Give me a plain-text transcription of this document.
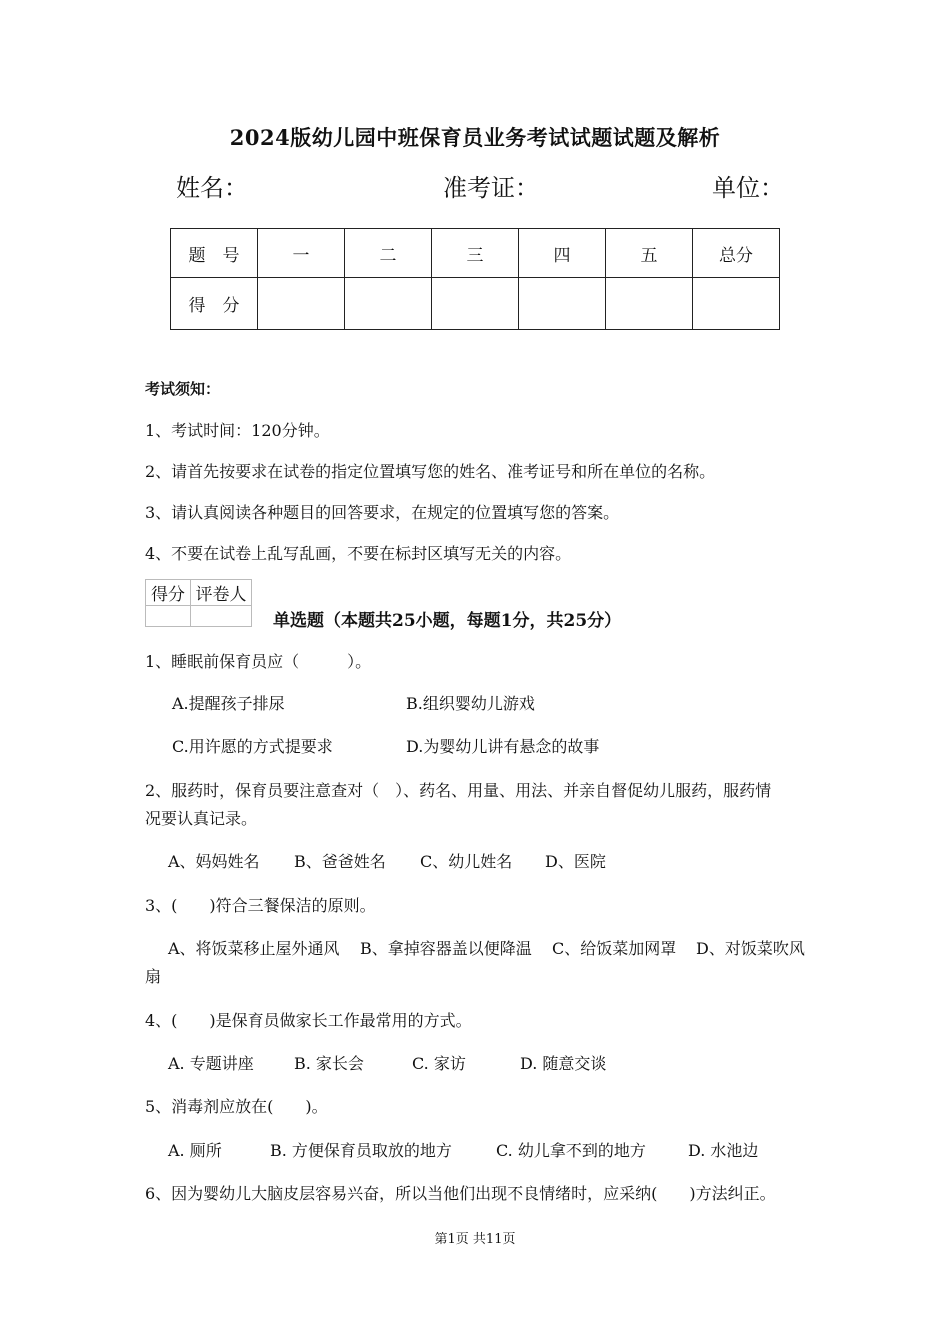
2024版幼儿园中班保育员业务考试试题试题及解析
姓名：	准考证：	单位：
题　号	一	二	三	四	五	总分
得　分						
考试须知：
1、考试时间：120分钟。
2、请首先按要求在试卷的指定位置填写您的姓名、准考证号和所在单位的名称。
3、请认真阅读各种题目的回答要求，在规定的位置填写您的答案。
4、不要在试卷上乱写乱画，不要在标封区填写无关的内容。
得分	评卷人

单选题（本题共25小题，每题1分，共25分）
1、睡眠前保育员应（　　　）。
A.提醒孩子排尿	B.组织婴幼儿游戏
C.用许愿的方式提要求	D.为婴幼儿讲有悬念的故事
2、服药时，保育员要注意查对（　）、药名、用量、用法、并亲自督促幼儿服药，服药情
况要认真记录。
A、妈妈姓名 B、爸爸姓名 C、幼儿姓名 D、医院
3、(　　)符合三餐保洁的原则。
A、将饭菜移止屋外通风 B、拿掉容器盖以便降温 C、给饭菜加网罩 D、对饭菜吹风
扇
4、(　　)是保育员做家长工作最常用的方式。
A. 专题讲座	B. 家长会	C. 家访	D. 随意交谈
5、消毒剂应放在(　　)。
A. 厕所	B. 方便保育员取放的地方	C. 幼儿拿不到的地方	D. 水池边
6、因为婴幼儿大脑皮层容易兴奋，所以当他们出现不良情绪时，应采纳(　　)方法纠正。
第1页 共11页
